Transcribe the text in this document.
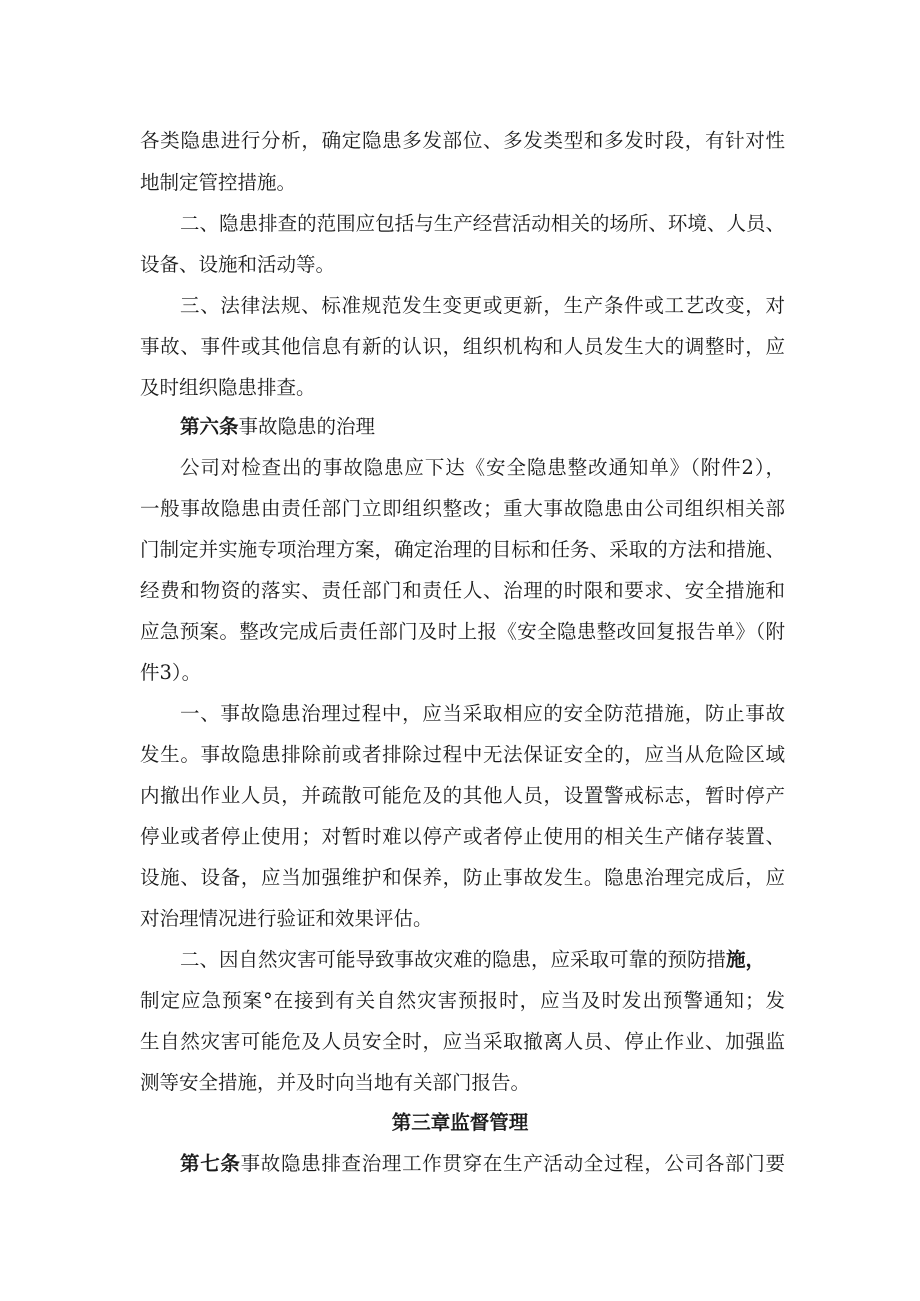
各类隐患进行分析，确定隐患多发部位、多发类型和多发时段，有针对性
地制定管控措施。
二、隐患排查的范围应包括与生产经营活动相关的场所、环境、人员、
设备、设施和活动等。
三、法律法规、标准规范发生变更或更新，生产条件或工艺改变，对
事故、事件或其他信息有新的认识，组织机构和人员发生大的调整时，应
及时组织隐患排查。
第六条事故隐患的治理
公司对检查出的事故隐患应下达《安全隐患整改通知单》（附件2），
一般事故隐患由责任部门立即组织整改；重大事故隐患由公司组织相关部
门制定并实施专项治理方案，确定治理的目标和任务、采取的方法和措施、
经费和物资的落实、责任部门和责任人、治理的时限和要求、安全措施和
应急预案。整改完成后责任部门及时上报《安全隐患整改回复报告单》（附
件3）。
一、事故隐患治理过程中，应当采取相应的安全防范措施，防止事故
发生。事故隐患排除前或者排除过程中无法保证安全的，应当从危险区域
内撤出作业人员，并疏散可能危及的其他人员，设置警戒标志，暂时停产
停业或者停止使用；对暂时难以停产或者停止使用的相关生产储存装置、
设施、设备，应当加强维护和保养，防止事故发生。隐患治理完成后，应
对治理情况进行验证和效果评估。
二、因自然灾害可能导致事故灾难的隐患，应采取可靠的预防措施，
制定应急预案°在接到有关自然灾害预报时，应当及时发出预警通知；发
生自然灾害可能危及人员安全时，应当采取撤离人员、停止作业、加强监
测等安全措施，并及时向当地有关部门报告。
第三章监督管理
第七条事故隐患排查治理工作贯穿在生产活动全过程，公司各部门要
